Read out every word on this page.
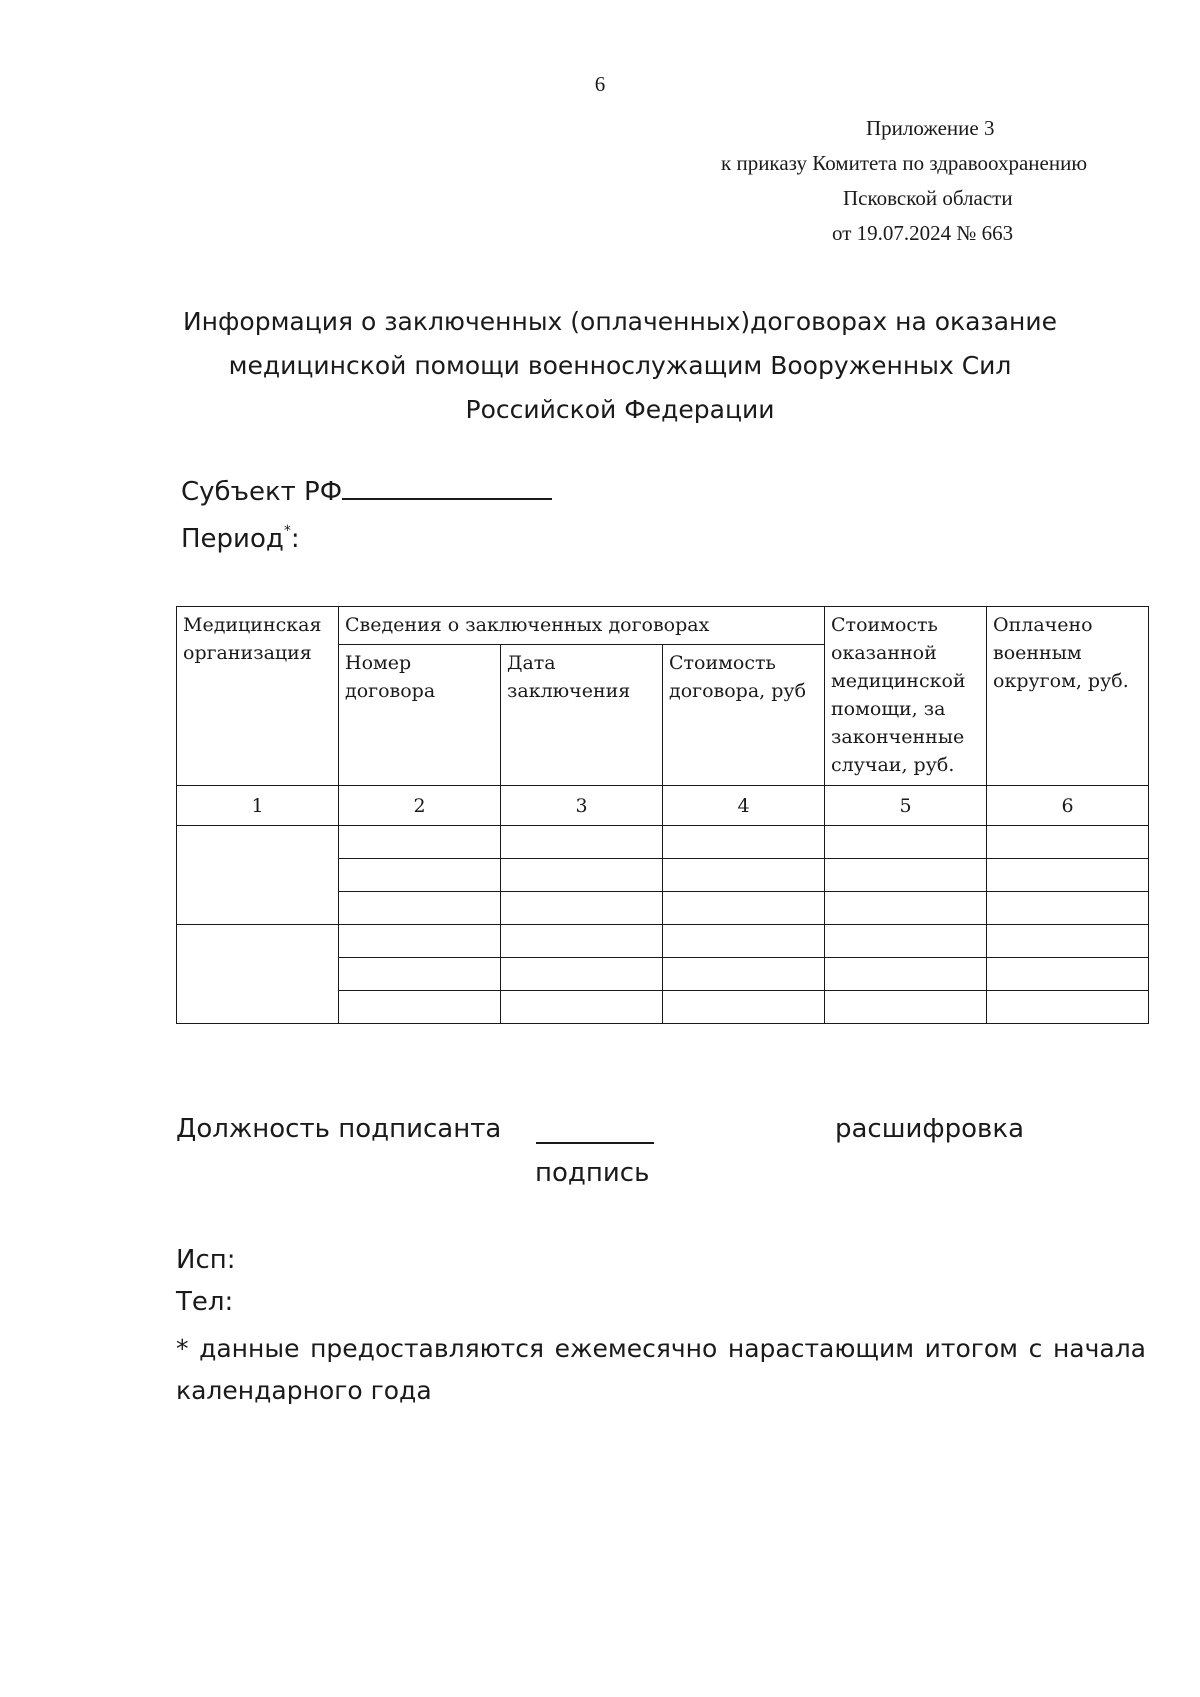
6
Приложение 3
к приказу Комитета по здравоохранению
Псковской области
от 19.07.2024 № 663
Информация о заключенных (оплаченных)договорах на оказание медицинской помощи военнослужащим Вооруженных Сил Российской Федерации
Субъект РФ
Период*:
Медицинская организация	Сведения о заключенных договорах			Стоимость оказанной медицинской помощи, за законченные случаи, руб.	Оплачено военным округом, руб.
	Номер договора	Дата заключения	Стоимость договора, руб		
1	2	3	4	5	6

Должность подписанта	расшифровка
подпись
Исп:
Тел:
* данные предоставляются ежемесячно нарастающим итогом с начала календарного года
